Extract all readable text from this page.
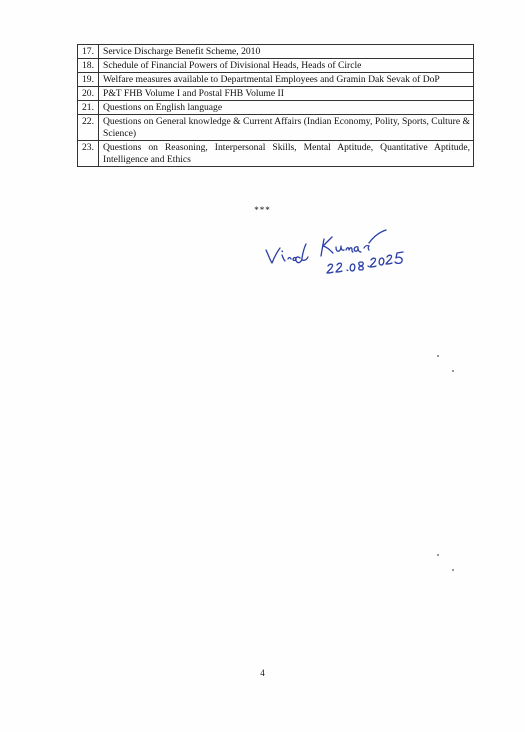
17.	Service Discharge Benefit Scheme, 2010
18.	Schedule of Financial Powers of Divisional Heads, Heads of Circle
19.	Welfare measures available to Departmental Employees and Gramin Dak Sevak of DoP
20.	P&T FHB Volume I and Postal FHB Volume II
21.	Questions on English language
22.	Questions on General knowledge & Current Affairs (Indian Economy, Polity, Sports, Culture & Science)
23.	Questions on Reasoning, Interpersonal Skills, Mental Aptitude, Quantitative Aptitude, Intelligence and Ethics
***
4
